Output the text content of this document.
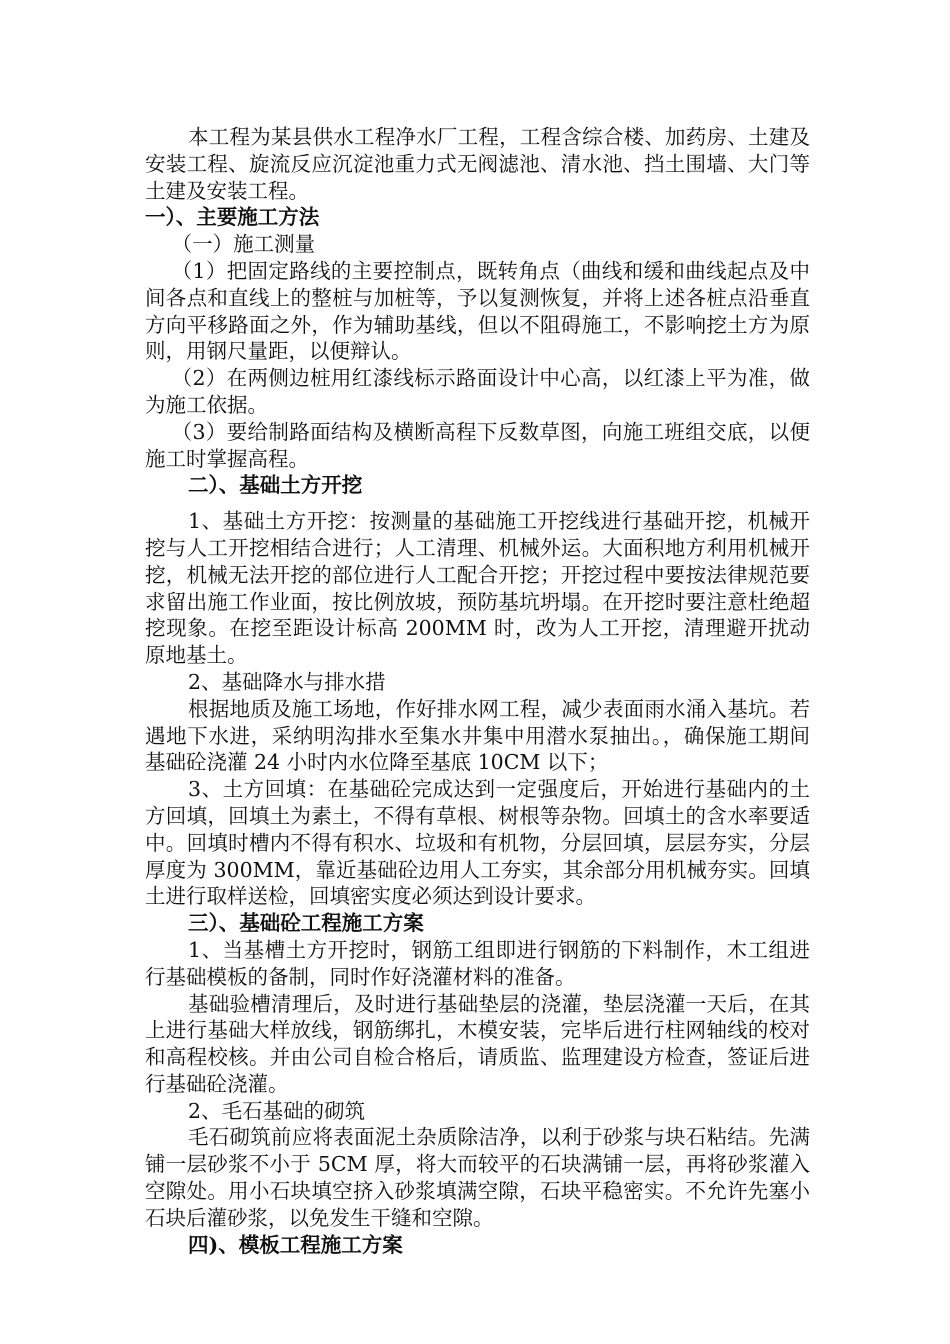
本工程为某县供水工程净水厂工程，工程含综合楼、加药房、土建及安装工程、旋流反应沉淀池重力式无阀滤池、清水池、挡土围墙、大门等土建及安装工程。

一）、主要施工方法

（一）施工测量

（1）把固定路线的主要控制点，既转角点（曲线和缓和曲线起点及中间各点和直线上的整桩与加桩等，予以复测恢复，并将上述各桩点沿垂直方向平移路面之外，作为辅助基线，但以不阻碍施工，不影响挖土方为原则，用钢尺量距，以便辩认。

（2）在两侧边桩用红漆线标示路面设计中心高，以红漆上平为准，做为施工依据。

（3）要给制路面结构及横断高程下反数草图，向施工班组交底，以便施工时掌握高程。

二）、基础土方开挖

1、基础土方开挖：按测量的基础施工开挖线进行基础开挖，机械开挖与人工开挖相结合进行；人工清理、机械外运。大面积地方利用机械开挖，机械无法开挖的部位进行人工配合开挖；开挖过程中要按法律规范要求留出施工作业面，按比例放坡，预防基坑坍塌。在开挖时要注意杜绝超挖现象。在挖至距设计标高 200MM 时，改为人工开挖，清理避开扰动原地基土。

2、基础降水与排水措

根据地质及施工场地，作好排水网工程，减少表面雨水涌入基坑。若遇地下水进，采纳明沟排水至集水井集中用潜水泵抽出。，确保施工期间基础砼浇灌 24 小时内水位降至基底 10CM 以下；

3、土方回填：在基础砼完成达到一定强度后，开始进行基础内的土方回填，回填土为素土，不得有草根、树根等杂物。回填土的含水率要适中。回填时槽内不得有积水、垃圾和有机物，分层回填，层层夯实，分层厚度为 300MM，靠近基础砼边用人工夯实，其余部分用机械夯实。回填土进行取样送检，回填密实度必须达到设计要求。

三）、基础砼工程施工方案

1、当基槽土方开挖时，钢筋工组即进行钢筋的下料制作，木工组进行基础模板的备制，同时作好浇灌材料的准备。

基础验槽清理后，及时进行基础垫层的浇灌，垫层浇灌一天后，在其上进行基础大样放线，钢筋绑扎，木模安装，完毕后进行柱网轴线的校对和高程校核。并由公司自检合格后，请质监、监理建设方检查，签证后进行基础砼浇灌。

2、毛石基础的砌筑

毛石砌筑前应将表面泥土杂质除洁净，以利于砂浆与块石粘结。先满铺一层砂浆不小于 5CM 厚，将大而较平的石块满铺一层，再将砂浆灌入空隙处。用小石块填空挤入砂浆填满空隙，石块平稳密实。不允许先塞小石块后灌砂浆，以免发生干缝和空隙。

四)、模板工程施工方案
